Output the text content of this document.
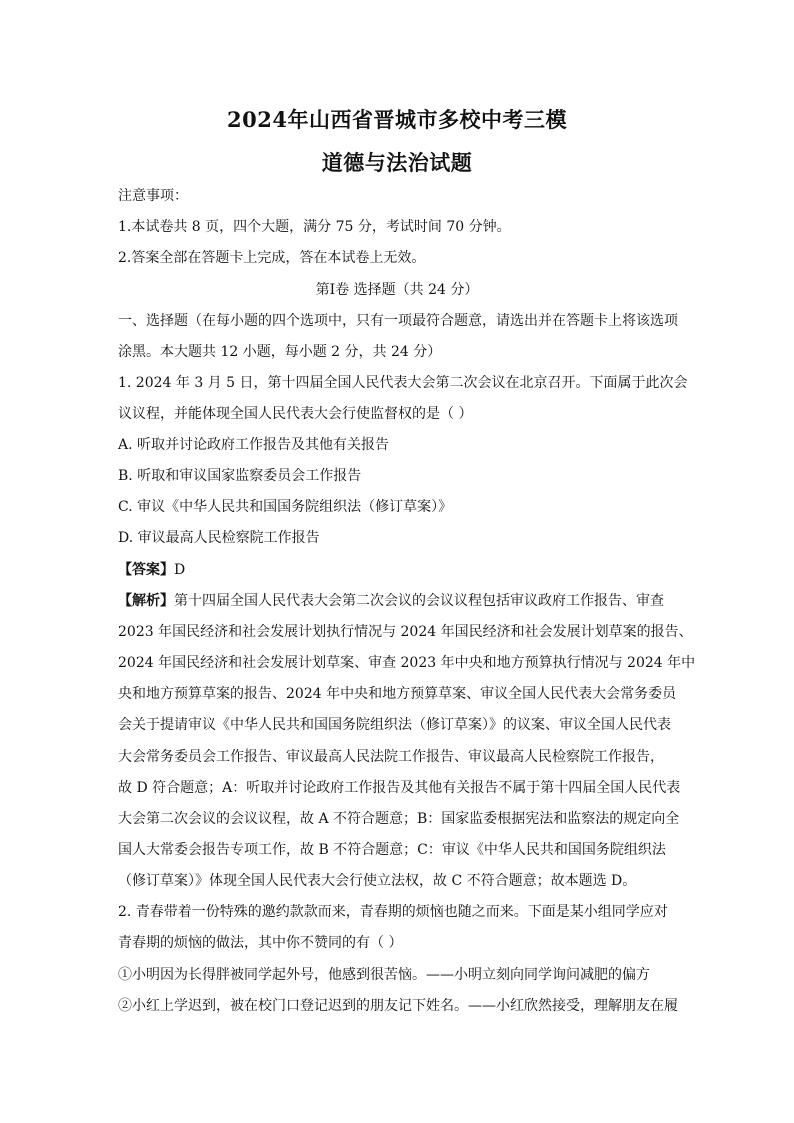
2024年山西省晋城市多校中考三模
道德与法治试题
注意事项：
1.本试卷共 8 页，四个大题，满分 75 分，考试时间 70 分钟。
2.答案全部在答题卡上完成，答在本试卷上无效。
第Ⅰ卷 选择题（共 24 分）
一、选择题（在每小题的四个选项中，只有一项最符合题意，请选出并在答题卡上将该选项
涂黑。本大题共 12 小题，每小题 2 分，共 24 分）
1. 2024 年 3 月 5 日，第十四届全国人民代表大会第二次会议在北京召开。下面属于此次会
议议程，并能体现全国人民代表大会行使监督权的是（ ）
A. 听取并讨论政府工作报告及其他有关报告
B. 听取和审议国家监察委员会工作报告
C. 审议《中华人民共和国国务院组织法（修订草案）》
D. 审议最高人民检察院工作报告
【答案】D
【解析】第十四届全国人民代表大会第二次会议的会议议程包括审议政府工作报告、审查
2023 年国民经济和社会发展计划执行情况与 2024 年国民经济和社会发展计划草案的报告、
2024 年国民经济和社会发展计划草案、审查 2023 年中央和地方预算执行情况与 2024 年中
央和地方预算草案的报告、2024 年中央和地方预算草案、审议全国人民代表大会常务委员
会关于提请审议《中华人民共和国国务院组织法（修订草案）》的议案、审议全国人民代表
大会常务委员会工作报告、审议最高人民法院工作报告、审议最高人民检察院工作报告，
故 D 符合题意；A：听取并讨论政府工作报告及其他有关报告不属于第十四届全国人民代表
大会第二次会议的会议议程，故 A 不符合题意；B：国家监委根据宪法和监察法的规定向全
国人大常委会报告专项工作，故 B 不符合题意；C：审议《中华人民共和国国务院组织法
（修订草案）》体现全国人民代表大会行使立法权，故 C 不符合题意；故本题选 D。
2. 青春带着一份特殊的邀约款款而来，青春期的烦恼也随之而来。下面是某小组同学应对
青春期的烦恼的做法，其中你不赞同的有（ ）
①小明因为长得胖被同学起外号，他感到很苦恼。——小明立刻向同学询问减肥的偏方
②小红上学迟到，被在校门口登记迟到的朋友记下姓名。——小红欣然接受，理解朋友在履
